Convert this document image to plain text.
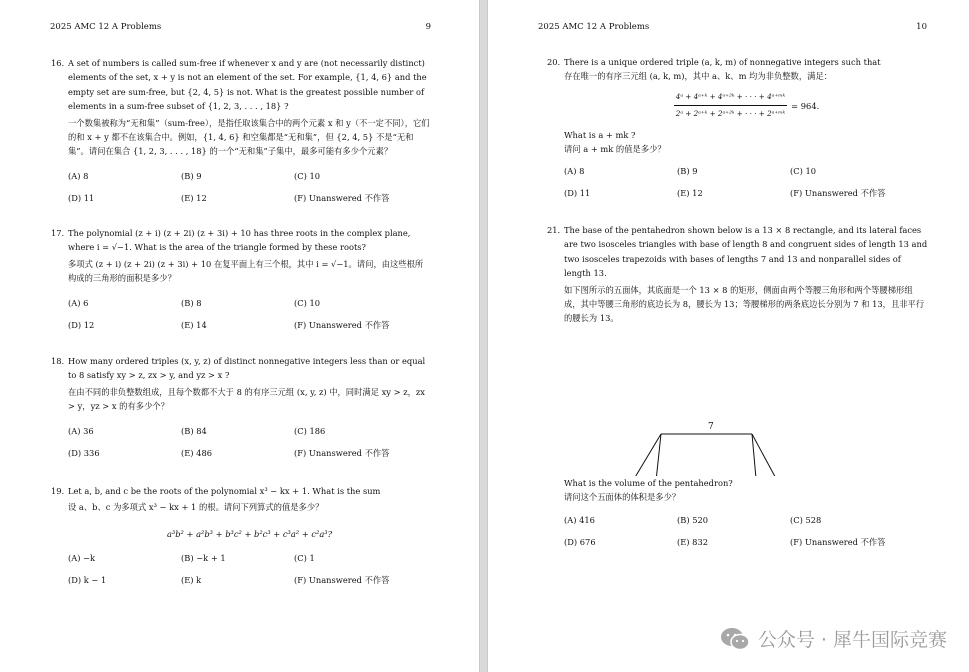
2025 AMC 12 A Problems	9	2025 AMC 12 A Problems	10
16. A set of numbers is called sum-free if whenever x and y are (not necessarily distinct) elements of the set, x + y is not an element of the set. For example, {1, 4, 6} and the empty set are sum-free, but {2, 4, 5} is not. What is the greatest possible number of elements in a sum-free subset of {1, 2, 3, . . . , 18} ?

一个数集被称为“无和集”（sum-free），是指任取该集合中的两个元素 x 和 y（不一定不同），它们的和 x + y 都不在该集合中。例如，{1, 4, 6} 和空集都是“无和集”，但 {2, 4, 5} 不是“无和集”。请问在集合 {1, 2, 3, . . . , 18} 的一个“无和集”子集中，最多可能有多少个元素？

(A) 8	(B) 9	(C) 10
(D) 11	(E) 12	(F) Unanswered 不作答
17. The polynomial (z + i) (z + 2i) (z + 3i) + 10 has three roots in the complex plane, where i = √−1. What is the area of the triangle formed by these roots?

多项式 (z + i) (z + 2i) (z + 3i) + 10 在复平面上有三个根，其中 i = √−1。请问，由这些根所构成的三角形的面积是多少？

(A) 6	(B) 8	(C) 10
(D) 12	(E) 14	(F) Unanswered 不作答
18. How many ordered triples (x, y, z) of distinct nonnegative integers less than or equal to 8 satisfy xy > z, zx > y, and yz > x ?

在由不同的非负整数组成，且每个数都不大于 8 的有序三元组 (x, y, z) 中，同时满足 xy > z，zx > y，yz > x 的有多少个？

(A) 36	(B) 84	(C) 186
(D) 336	(E) 486	(F) Unanswered 不作答
19. Let a, b, and c be the roots of the polynomial x³ − kx + 1. What is the sum

设 a、b、c 为多项式 x³ − kx + 1 的根。请问下列算式的值是多少？

a³b² + a²b³ + b³c² + b²c³ + c³a² + c²a³?
(A) −k	(B) −k + 1	(C) 1
(D) k − 1	(E) k	(F) Unanswered 不作答
20. There is a unique ordered triple (a, k, m) of nonnegative integers such that

存在唯一的有序三元组 (a, k, m)，其中 a、k、m 均为非负整数，满足：

$\frac{\text{4ᵃ + 4ᵃ⁺ᵏ + 4ᵃ⁺²ᵏ + · · · + 4ᵃ⁺ᵐᵏ}}{\text{2ᵃ + 2ᵃ⁺ᵏ + 2ᵃ⁺²ᵏ + · · · + 2ᵃ⁺ᵐᵏ}} = 964$.

What is a + mk ?

请问 a + mk 的值是多少？

(A) 8	(B) 9	(C) 10
(D) 11	(E) 12	(F) Unanswered 不作答
21. The base of the pentahedron shown below is a 13 × 8 rectangle, and its lateral faces are two isosceles triangles with base of length 8 and congruent sides of length 13 and two isosceles trapezoids with bases of lengths 7 and 13 and nonparallel sides of length 13.

如下图所示的五面体，其底面是一个 13 × 8 的矩形，侧面由两个等腰三角形和两个等腰梯形组成，其中等腰三角形的底边长为 8，腰长为 13；等腰梯形的两条底边长分别为 7 和 13，且非平行的腰长为 13。

7

What is the volume of the pentahedron?

请问这个五面体的体积是多少？

(A) 416	(B) 520	(C) 528
(D) 676	(E) 832	(F) Unanswered 不作答
公众号 · 犀牛国际竞赛
